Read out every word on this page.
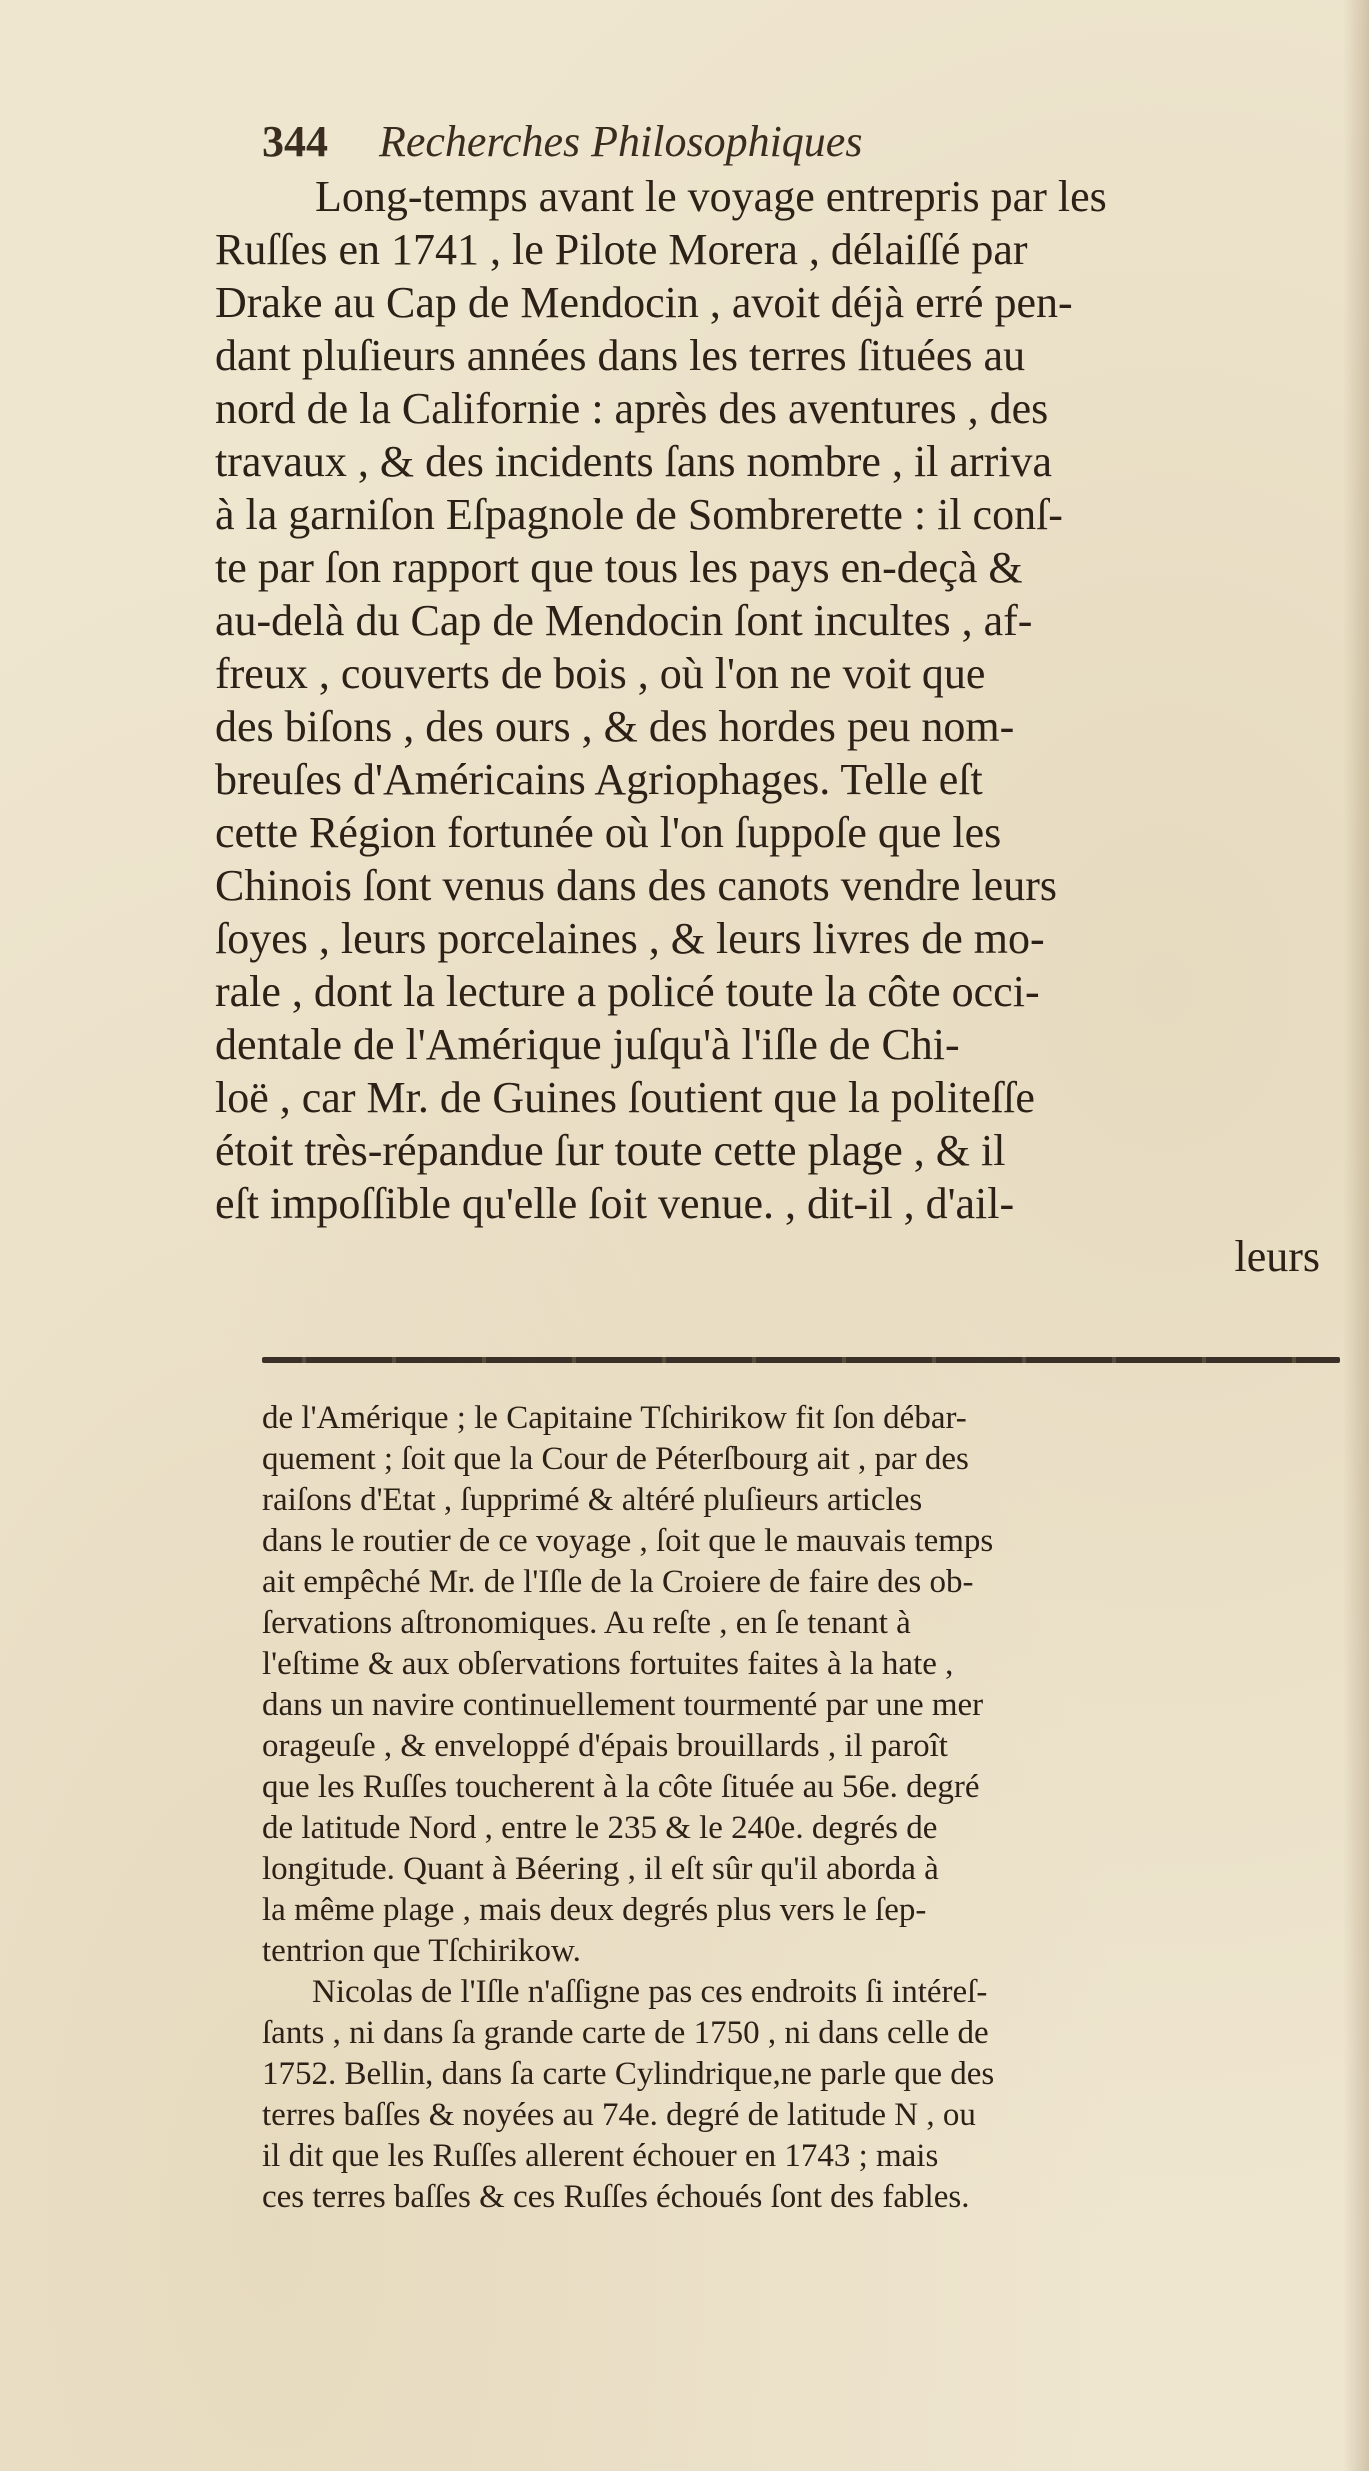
344 Recherches Philosophiques
Long-temps avant le voyage entrepris par les
Ruſſes en 1741 , le Pilote Morera , délaiſſé par
Drake au Cap de Mendocin , avoit déjà erré pen-
dant pluſieurs années dans les terres ſituées au
nord de la Californie : après des aventures , des
travaux , & des incidents ſans nombre , il arriva
à la garniſon Eſpagnole de Sombrerette : il conſ-
te par ſon rapport que tous les pays en-deçà &
au-delà du Cap de Mendocin ſont incultes , af-
freux , couverts de bois , où l'on ne voit que
des biſons , des ours , & des hordes peu nom-
breuſes d'Américains Agriophages. Telle eſt
cette Région fortunée où l'on ſuppoſe que les
Chinois ſont venus dans des canots vendre leurs
ſoyes , leurs porcelaines , & leurs livres de mo-
rale , dont la lecture a policé toute la côte occi-
dentale de l'Amérique juſqu'à l'iſle de Chi-
loë , car Mr. de Guines ſoutient que la politeſſe
étoit très-répandue ſur toute cette plage , & il
eſt impoſſible qu'elle ſoit venue. , dit-il , d'ail-
leurs
de l'Amérique ; le Capitaine Tſchirikow fit ſon débar-
quement ; ſoit que la Cour de Péterſbourg ait , par des
raiſons d'Etat , ſupprimé & altéré pluſieurs articles
dans le routier de ce voyage , ſoit que le mauvais temps
ait empêché Mr. de l'Iſle de la Croiere de faire des ob-
ſervations aſtronomiques. Au reſte , en ſe tenant à
l'eſtime & aux obſervations fortuites faites à la hate ,
dans un navire continuellement tourmenté par une mer
orageuſe , & enveloppé d'épais brouillards , il paroît
que les Ruſſes toucherent à la côte ſituée au 56e. degré
de latitude Nord , entre le 235 & le 240e. degrés de
longitude. Quant à Béering , il eſt sûr qu'il aborda à
la même plage , mais deux degrés plus vers le ſep-
tentrion que Tſchirikow.
Nicolas de l'Iſle n'aſſigne pas ces endroits ſi intéreſ-
ſants , ni dans ſa grande carte de 1750 , ni dans celle de
1752. Bellin, dans ſa carte Cylindrique,ne parle que des
terres baſſes & noyées au 74e. degré de latitude N , ou
il dit que les Ruſſes allerent échouer en 1743 ; mais
ces terres baſſes & ces Ruſſes échoués ſont des fables.
